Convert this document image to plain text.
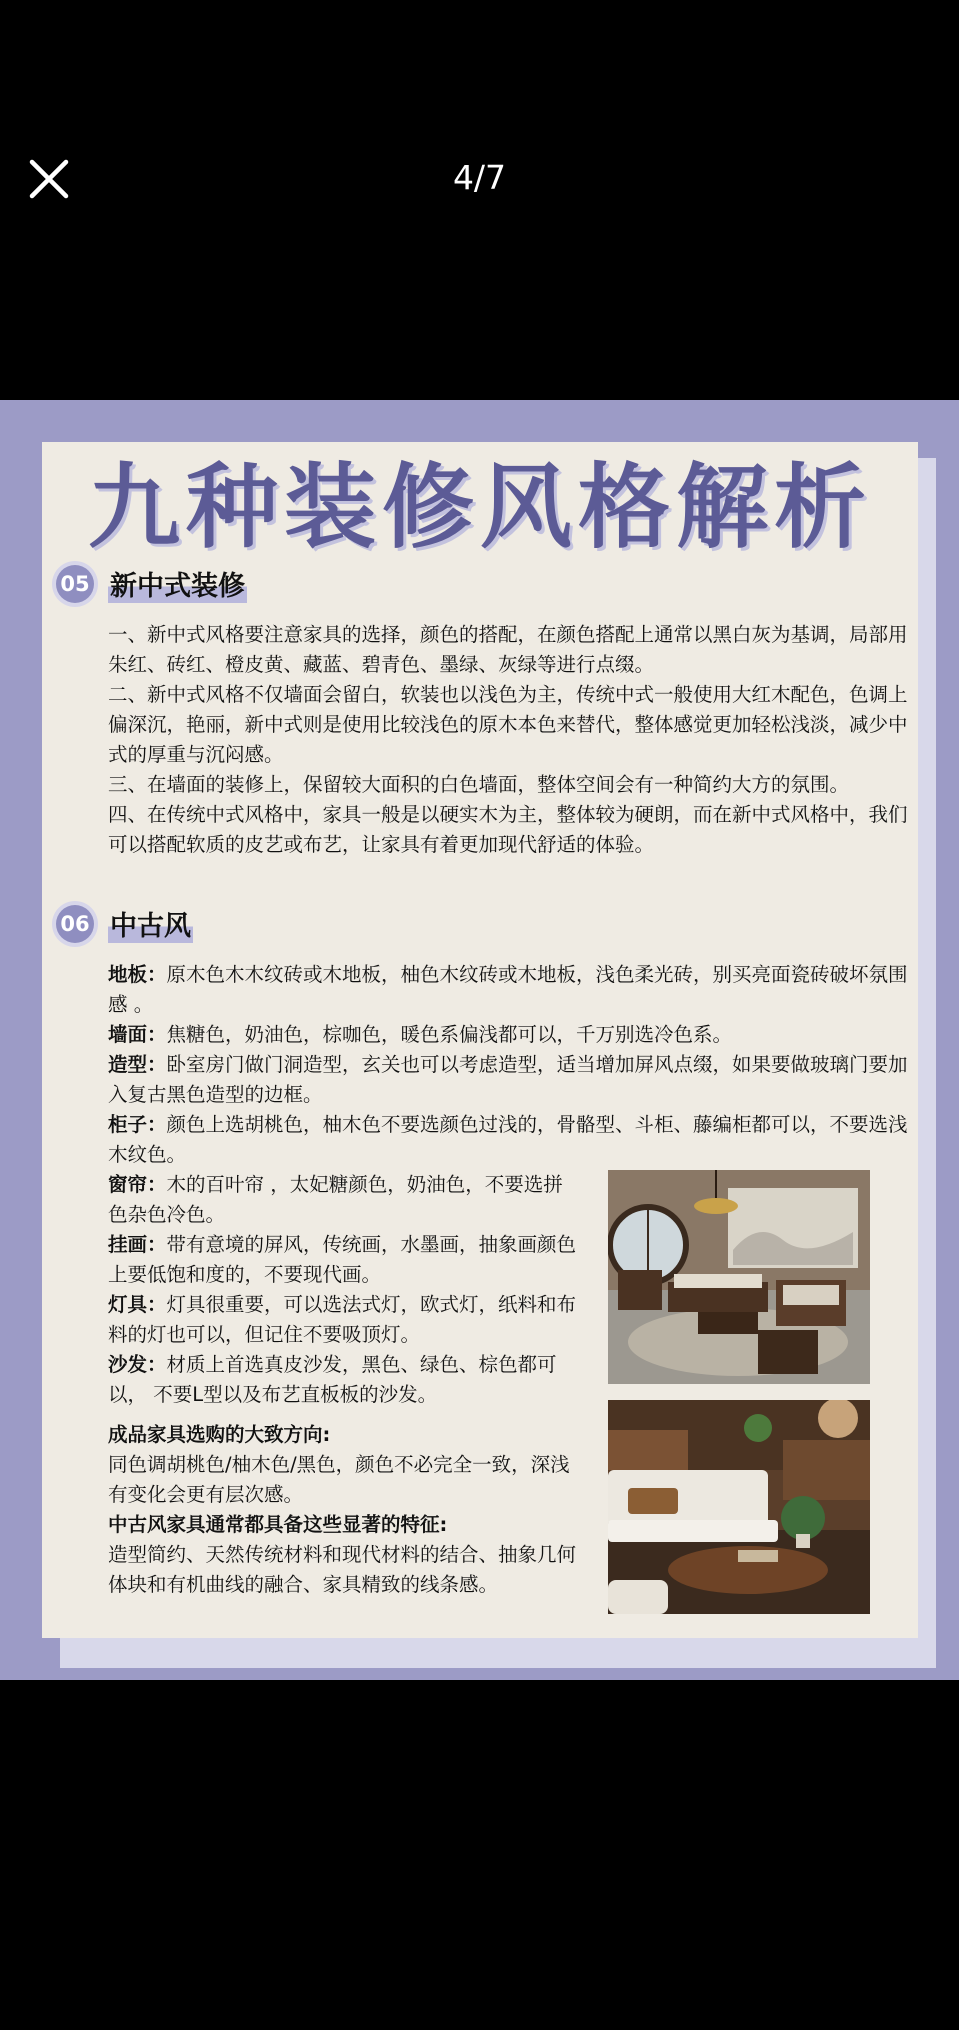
4/7
九种装修风格解析
05 新中式装修

一、新中式风格要注意家具的选择，颜色的搭配，在颜色搭配上通常以黑白灰为基调，局部用朱红、砖红、橙皮黄、藏蓝、碧青色、墨绿、灰绿等进行点缀。

二、新中式风格不仅墙面会留白，软装也以浅色为主，传统中式一般使用大红木配色，色调上偏深沉，艳丽，新中式则是使用比较浅色的原木本色来替代，整体感觉更加轻松浅淡，减少中式的厚重与沉闷感。

三、在墙面的装修上，保留较大面积的白色墙面，整体空间会有一种简约大方的氛围。

四、在传统中式风格中，家具一般是以硬实木为主，整体较为硬朗，而在新中式风格中，我们可以搭配软质的皮艺或布艺，让家具有着更加现代舒适的体验。

06 中古风

地板：原木色木木纹砖或木地板，柚色木纹砖或木地板，浅色柔光砖，别买亮面瓷砖破坏氛围感 。

墙面：焦糖色，奶油色，棕咖色，暖色系偏浅都可以，千万别选冷色系。

造型：卧室房门做门洞造型，玄关也可以考虑造型，适当增加屏风点缀，如果要做玻璃门要加入复古黑色造型的边框。

柜子：颜色上选胡桃色，柚木色不要选颜色过浅的，骨骼型、斗柜、藤编柜都可以，不要选浅木纹色。

窗帘：木的百叶帘 ，太妃糖颜色，奶油色，不要选拼色杂色冷色。

挂画：带有意境的屏风，传统画，水墨画，抽象画颜色上要低饱和度的，不要现代画。

灯具：灯具很重要，可以选法式灯，欧式灯，纸料和布料的灯也可以，但记住不要吸顶灯。

沙发：材质上首选真皮沙发，黑色、绿色、棕色都可以， 不要L型以及布艺直板板的沙发。

成品家具选购的大致方向:

同色调胡桃色/柚木色/黑色，颜色不必完全一致，深浅有变化会更有层次感。

中古风家具通常都具备这些显著的特征:

造型简约、天然传统材料和现代材料的结合、抽象几何体块和有机曲线的融合、家具精致的线条感。
